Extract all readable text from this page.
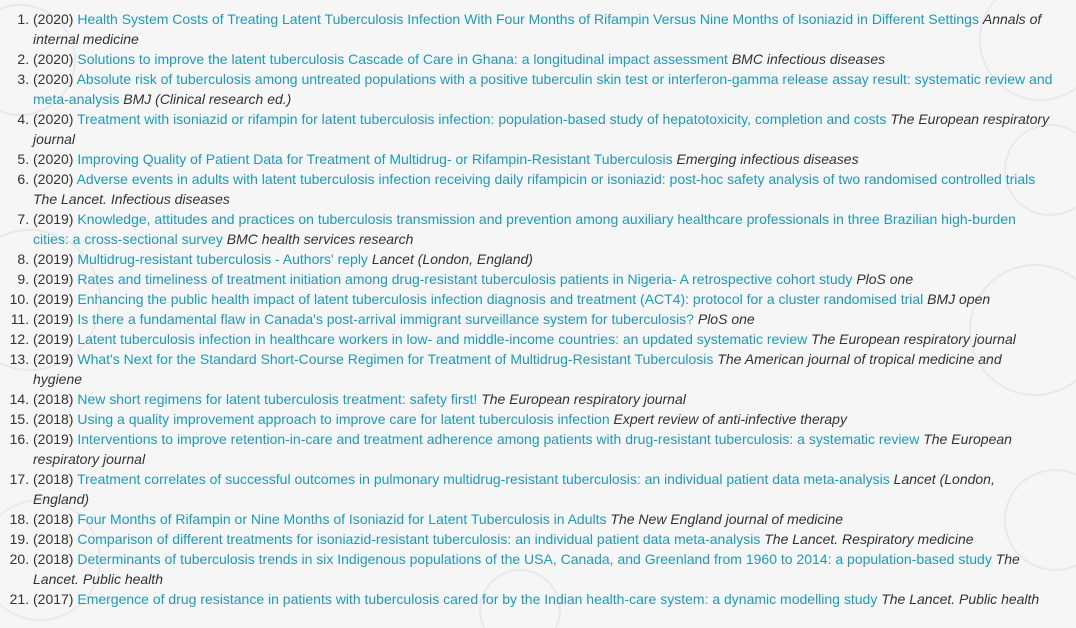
1. (2020) Health System Costs of Treating Latent Tuberculosis Infection With Four Months of Rifampin Versus Nine Months of Isoniazid in Different Settings Annals of internal medicine
2. (2020) Solutions to improve the latent tuberculosis Cascade of Care in Ghana: a longitudinal impact assessment BMC infectious diseases
3. (2020) Absolute risk of tuberculosis among untreated populations with a positive tuberculin skin test or interferon-gamma release assay result: systematic review and meta-analysis BMJ (Clinical research ed.)
4. (2020) Treatment with isoniazid or rifampin for latent tuberculosis infection: population-based study of hepatotoxicity, completion and costs The European respiratory journal
5. (2020) Improving Quality of Patient Data for Treatment of Multidrug- or Rifampin-Resistant Tuberculosis Emerging infectious diseases
6. (2020) Adverse events in adults with latent tuberculosis infection receiving daily rifampicin or isoniazid: post-hoc safety analysis of two randomised controlled trials The Lancet. Infectious diseases
7. (2019) Knowledge, attitudes and practices on tuberculosis transmission and prevention among auxiliary healthcare professionals in three Brazilian high-burden cities: a cross-sectional survey BMC health services research
8. (2019) Multidrug-resistant tuberculosis - Authors' reply Lancet (London, England)
9. (2019) Rates and timeliness of treatment initiation among drug-resistant tuberculosis patients in Nigeria- A retrospective cohort study PloS one
10. (2019) Enhancing the public health impact of latent tuberculosis infection diagnosis and treatment (ACT4): protocol for a cluster randomised trial BMJ open
11. (2019) Is there a fundamental flaw in Canada's post-arrival immigrant surveillance system for tuberculosis? PloS one
12. (2019) Latent tuberculosis infection in healthcare workers in low- and middle-income countries: an updated systematic review The European respiratory journal
13. (2019) What's Next for the Standard Short-Course Regimen for Treatment of Multidrug-Resistant Tuberculosis The American journal of tropical medicine and hygiene
14. (2018) New short regimens for latent tuberculosis treatment: safety first! The European respiratory journal
15. (2018) Using a quality improvement approach to improve care for latent tuberculosis infection Expert review of anti-infective therapy
16. (2019) Interventions to improve retention-in-care and treatment adherence among patients with drug-resistant tuberculosis: a systematic review The European respiratory journal
17. (2018) Treatment correlates of successful outcomes in pulmonary multidrug-resistant tuberculosis: an individual patient data meta-analysis Lancet (London, England)
18. (2018) Four Months of Rifampin or Nine Months of Isoniazid for Latent Tuberculosis in Adults The New England journal of medicine
19. (2018) Comparison of different treatments for isoniazid-resistant tuberculosis: an individual patient data meta-analysis The Lancet. Respiratory medicine
20. (2018) Determinants of tuberculosis trends in six Indigenous populations of the USA, Canada, and Greenland from 1960 to 2014: a population-based study The Lancet. Public health
21. (2017) Emergence of drug resistance in patients with tuberculosis cared for by the Indian health-care system: a dynamic modelling study The Lancet. Public health
